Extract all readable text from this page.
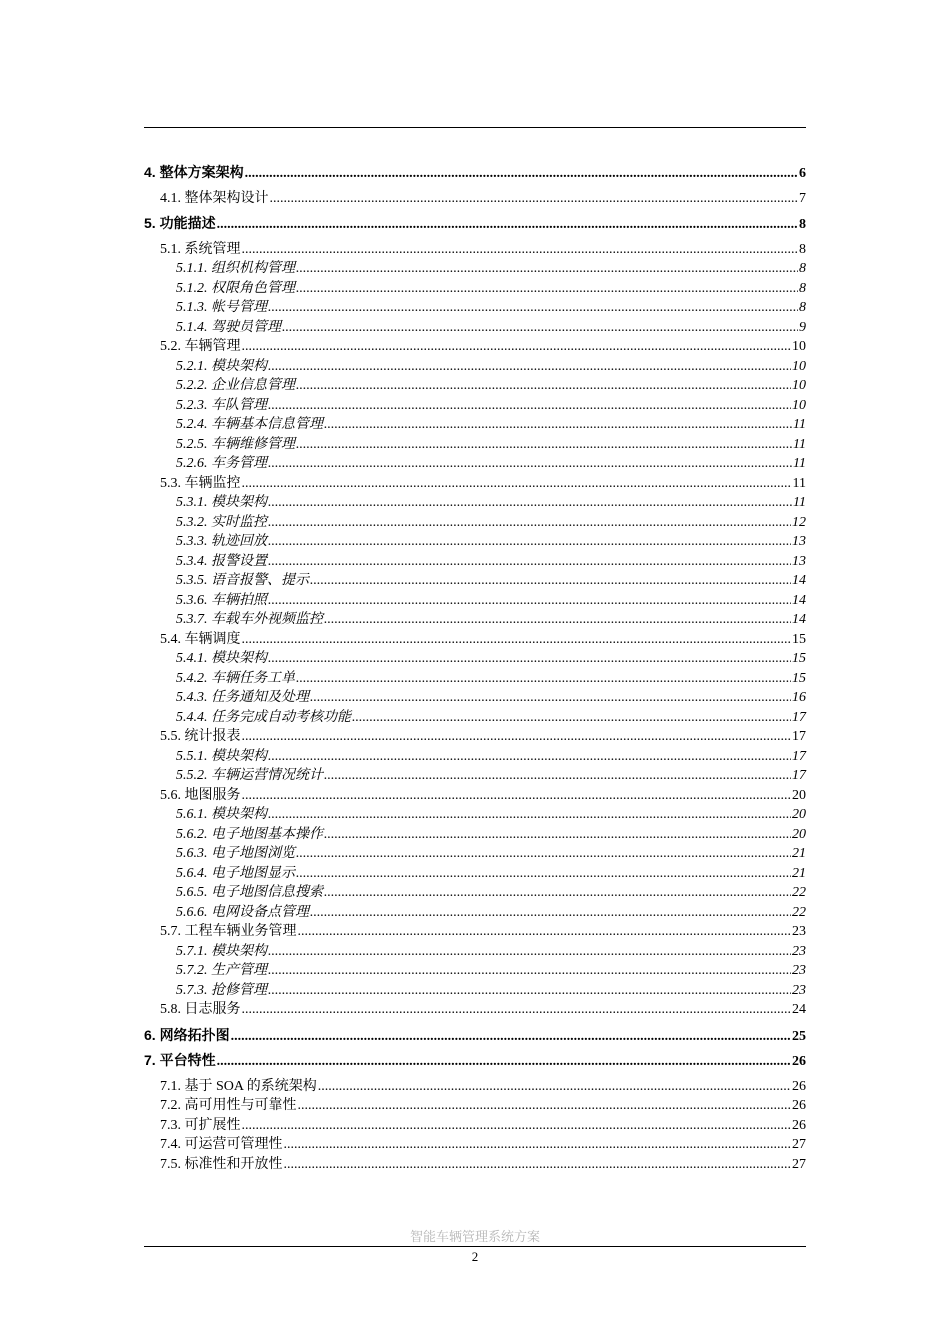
4. 整体方案架构 .....	6
4.1. 整体架构设计 .....	7
5. 功能描述 .....	8
5.1. 系统管理 .....	8
5.1.1. 组织机构管理 .....	8
5.1.2. 权限角色管理 .....	8
5.1.3. 帐号管理 .....	8
5.1.4. 驾驶员管理 .....	9
5.2. 车辆管理 .....	10
5.2.1. 模块架构 .....	10
5.2.2. 企业信息管理 .....	10
5.2.3. 车队管理 .....	10
5.2.4. 车辆基本信息管理 .....	11
5.2.5. 车辆维修管理 .....	11
5.2.6. 车务管理 .....	11
5.3. 车辆监控 .....	11
5.3.1. 模块架构 .....	11
5.3.2. 实时监控 .....	12
5.3.3. 轨迹回放 .....	13
5.3.4. 报警设置 .....	13
5.3.5. 语音报警、提示 .....	14
5.3.6. 车辆拍照 .....	14
5.3.7. 车载车外视频监控 .....	14
5.4. 车辆调度 .....	15
5.4.1. 模块架构 .....	15
5.4.2. 车辆任务工单 .....	15
5.4.3. 任务通知及处理 .....	16
5.4.4. 任务完成自动考核功能 .....	17
5.5. 统计报表 .....	17
5.5.1. 模块架构 .....	17
5.5.2. 车辆运营情况统计 .....	17
5.6. 地图服务 .....	20
5.6.1. 模块架构 .....	20
5.6.2. 电子地图基本操作 .....	20
5.6.3. 电子地图浏览 .....	21
5.6.4. 电子地图显示 .....	21
5.6.5. 电子地图信息搜索 .....	22
5.6.6. 电网设备点管理 .....	22
5.7. 工程车辆业务管理 .....	23
5.7.1. 模块架构 .....	23
5.7.2. 生产管理 .....	23
5.7.3. 抢修管理 .....	23
5.8. 日志服务 .....	24
6. 网络拓扑图 .....	25
7. 平台特性 .....	26
7.1. 基于 SOA 的系统架构 .....	26
7.2. 高可用性与可靠性 .....	26
7.3. 可扩展性 .....	26
7.4. 可运营可管理性 .....	27
7.5. 标准性和开放性 .....	27
智能车辆管理系统方案
2
